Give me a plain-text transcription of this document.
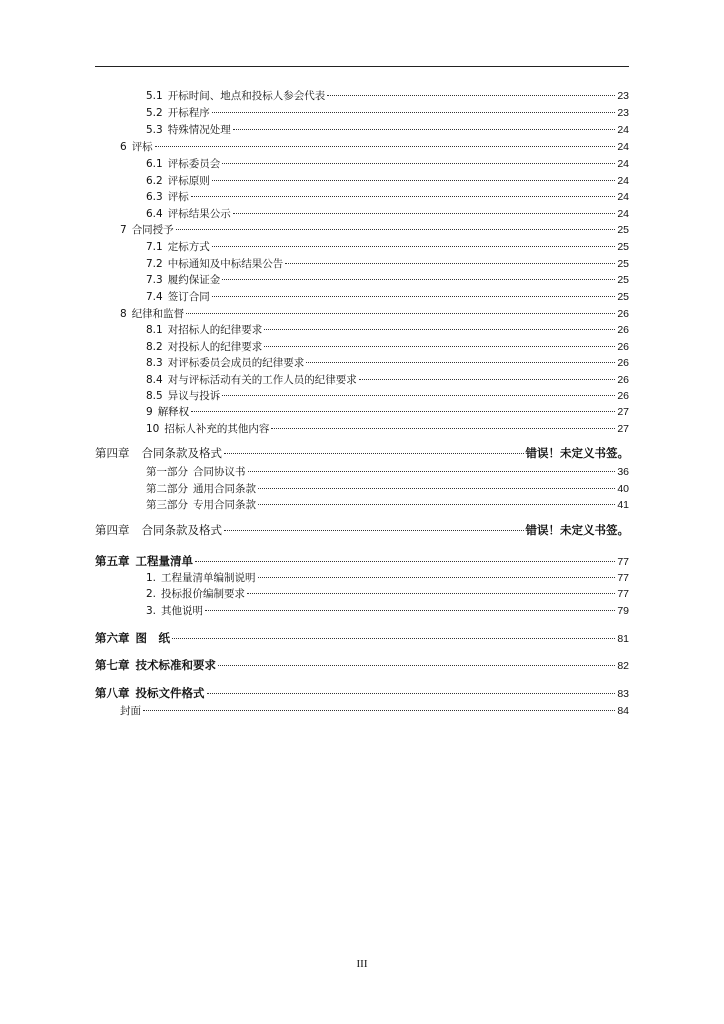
5.1 开标时间、地点和投标人参会代表	23
5.2 开标程序	23
5.3 特殊情况处理	24
6 评标	24
6.1 评标委员会	24
6.2 评标原则	24
6.3 评标	24
6.4 评标结果公示	24
7 合同授予	25
7.1 定标方式	25
7.2 中标通知及中标结果公告	25
7.3 履约保证金	25
7.4 签订合同	25
8 纪律和监督	26
8.1 对招标人的纪律要求	26
8.2 对投标人的纪律要求	26
8.3 对评标委员会成员的纪律要求	26
8.4 对与评标活动有关的工作人员的纪律要求	26
8.5 异议与投诉	26
9 解释权	27
10 招标人补充的其他内容	27
第四章 合同条款及格式	错误！未定义书签。
第一部分 合同协议书	36
第二部分 通用合同条款	40
第三部分 专用合同条款	41
第四章 合同条款及格式	错误！未定义书签。
第五章 工程量清单	77
1. 工程量清单编制说明	77
2. 投标报价编制要求	77
3. 其他说明	79
第六章 图　纸	81
第七章 技术标准和要求	82
第八章 投标文件格式	83
封面	84
III
